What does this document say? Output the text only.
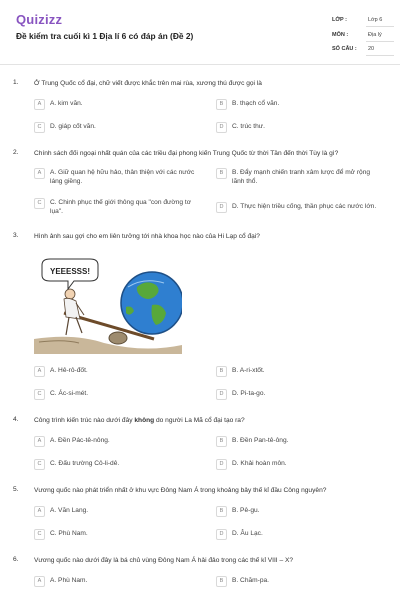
Quizizz
Đề kiểm tra cuối kì 1 Địa lí 6 có đáp án (Đề 2)
LỚP :	Lớp 6
MÔN :	Địa lý
SỐ CÂU : 20
1. Ở Trung Quốc cổ đại, chữ viết được khắc trên mai rùa, xương thú được gọi là
A	A. kim văn.	B	B. thạch cổ văn.
C	D. giáp cốt văn.	D	C. trúc thư.
2. Chính sách đối ngoại nhất quán của các triều đại phong kiến Trung Quốc từ thời Tần đến thời Tùy là gì?
A	A. Giữ quan hệ hữu hảo, thân thiện với các nước láng giềng.
B	B. Đẩy mạnh chiến tranh xâm lược để mở rộng lãnh thổ.
C	C. Chinh phục thế giới thông qua "con đường tơ lụa".
D	D. Thực hiện triều cống, thần phục các nước lớn.
3. Hình ảnh sau gợi cho em liên tưởng tới nhà khoa học nào của Hi Lạp cổ đại?
YEEESSS!
A	A. Hê-rô-đốt.	B	B. A-ri-xtốt.
C	C. Ác-si-mét.	D	D. Pi-ta-go.
4. Công trình kiến trúc nào dưới đây không do người La Mã cổ đại tạo ra?
A	A. Đền Pác-tê-nông.	B	B. Đền Pan-tê-ông.
C	C. Đấu trường Cô-li-dê.	D	D. Khải hoàn môn.
5. Vương quốc nào phát triển nhất ở khu vực Đông Nam Á trong khoảng bảy thế kỉ đầu Công nguyên?
A	A. Văn Lang.	B	B. Pê-gu.
C	C. Phù Nam.	D	D. Âu Lạc.
6. Vương quốc nào dưới đây là bá chủ vùng Đông Nam Á hải đảo trong các thế kỉ VIII – X?
A	A. Phù Nam.	B	B. Chăm-pa.
